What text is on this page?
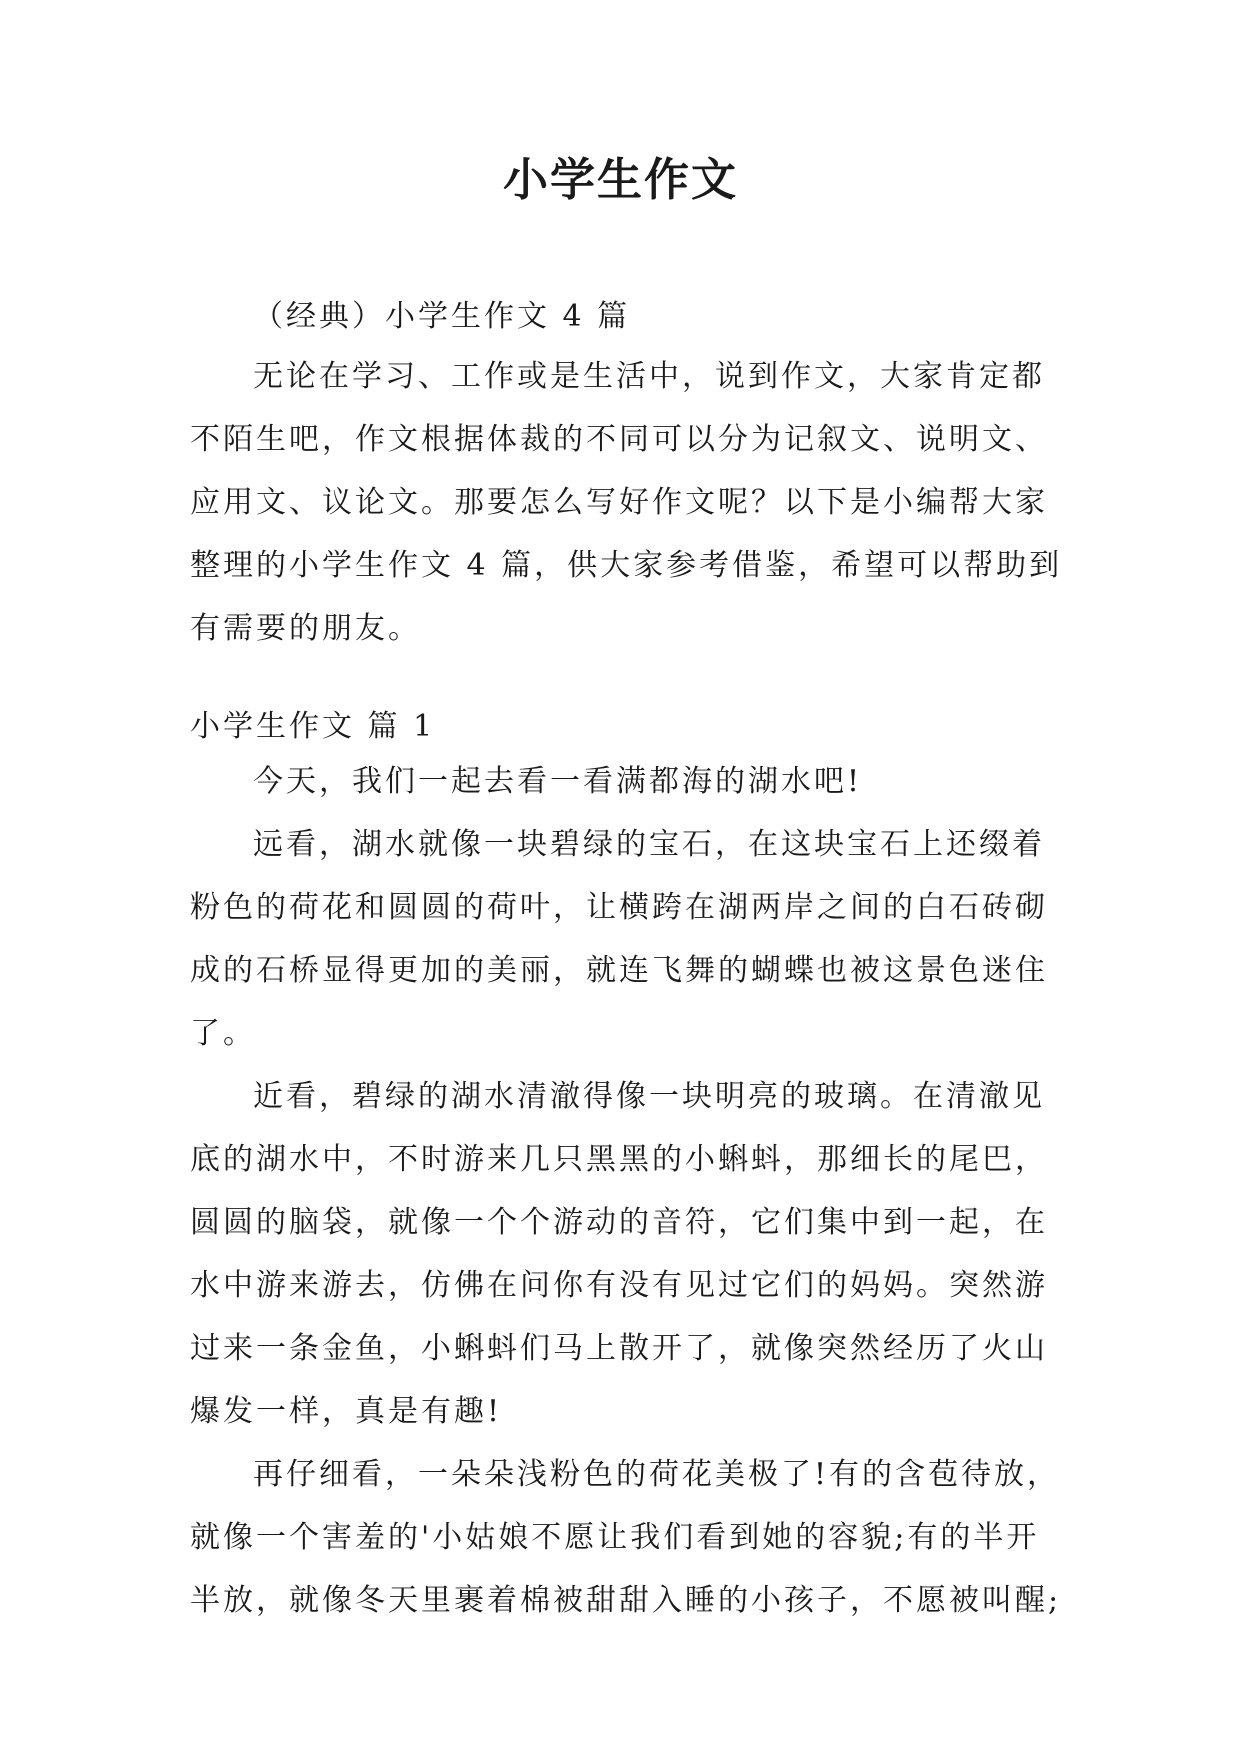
小学生作文

（经典）小学生作文 4 篇

无论在学习、工作或是生活中，说到作文，大家肯定都不陌生吧，作文根据体裁的不同可以分为记叙文、说明文、应用文、议论文。那要怎么写好作文呢？以下是小编帮大家整理的小学生作文 4 篇，供大家参考借鉴，希望可以帮助到有需要的朋友。

小学生作文 篇 1

今天，我们一起去看一看满都海的湖水吧!

远看，湖水就像一块碧绿的宝石，在这块宝石上还缀着粉色的荷花和圆圆的荷叶，让横跨在湖两岸之间的白石砖砌成的石桥显得更加的美丽，就连飞舞的蝴蝶也被这景色迷住了。

近看，碧绿的湖水清澈得像一块明亮的玻璃。在清澈见底的湖水中，不时游来几只黑黑的小蝌蚪，那细长的尾巴，圆圆的脑袋，就像一个个游动的音符，它们集中到一起，在水中游来游去，仿佛在问你有没有见过它们的妈妈。突然游过来一条金鱼，小蝌蚪们马上散开了，就像突然经历了火山爆发一样，真是有趣!

再仔细看，一朵朵浅粉色的荷花美极了!有的含苞待放，就像一个害羞的'小姑娘不愿让我们看到她的容貌;有的半开半放，就像冬天里裹着棉被甜甜入睡的小孩子，不愿被叫醒;
